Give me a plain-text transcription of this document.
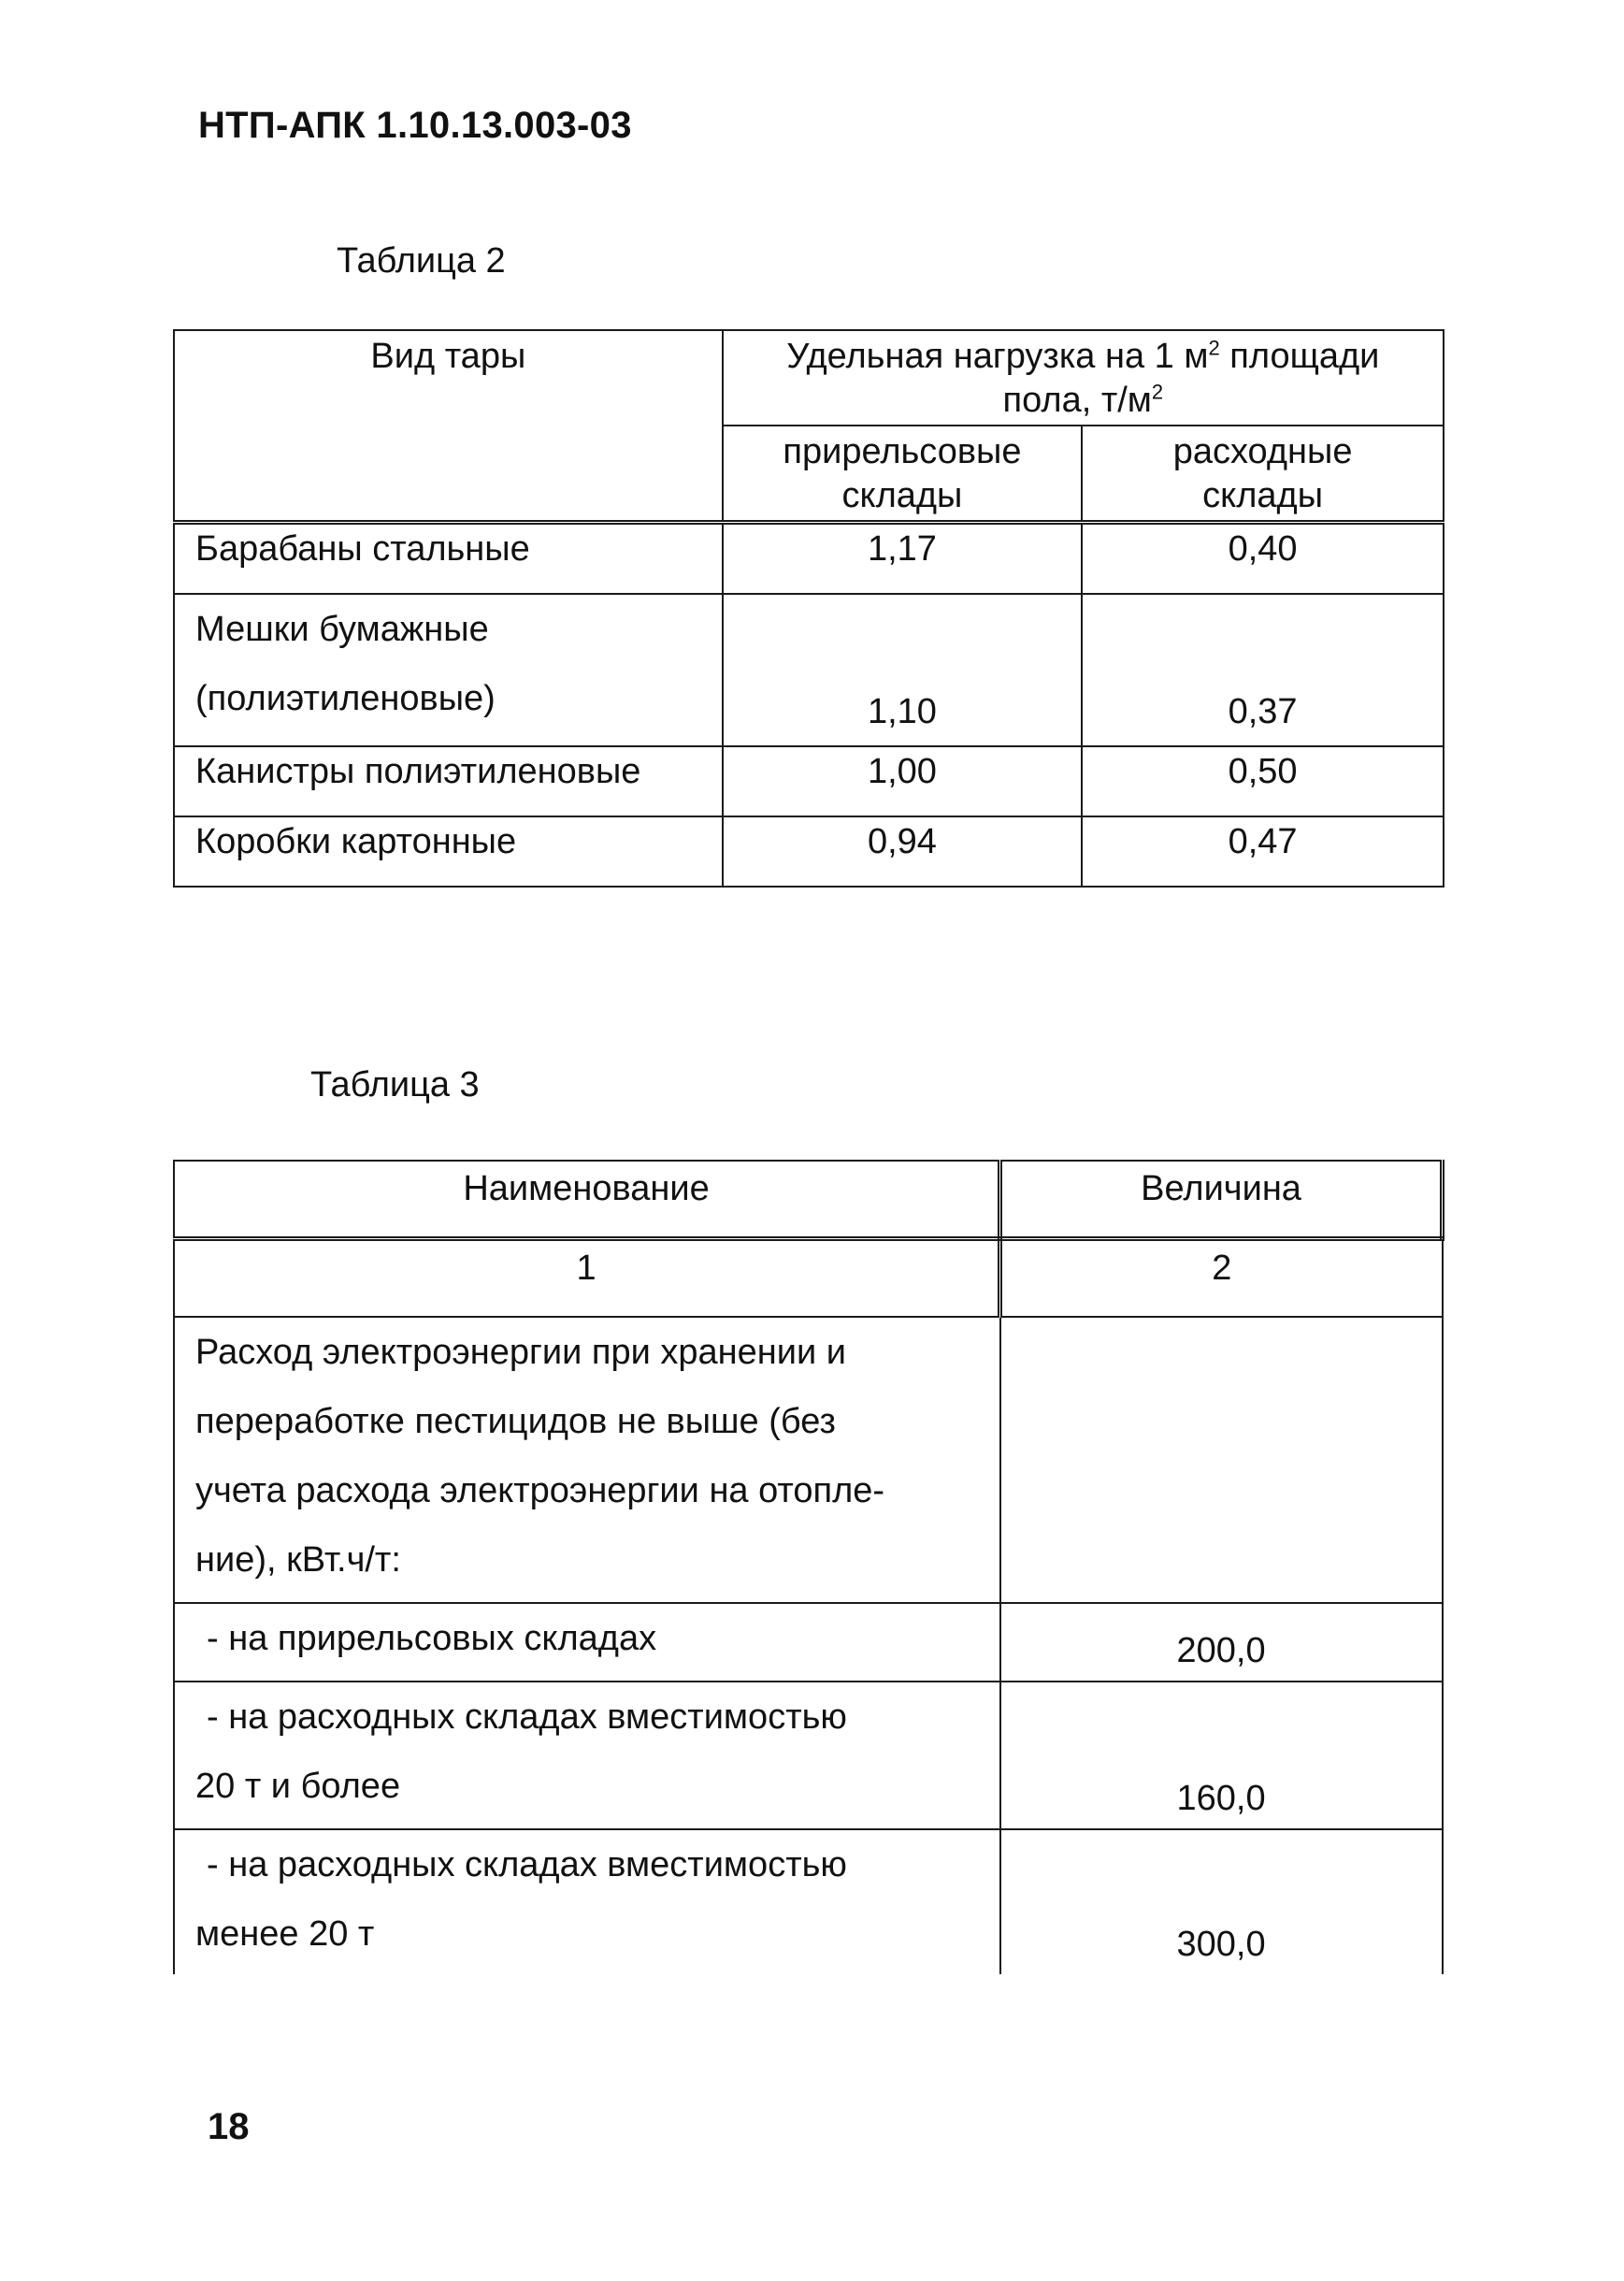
НТП-АПК 1.10.13.003-03
Таблица 2
Вид тары	Удельная нагрузка на 1 $м^2$ площади
пола, $т/м^2$
	прирельсовые склады	расходные склады
Барабаны стальные	1,17	0,40
Мешки бумажные
(полиэтиленовые)	1,10	0,37
Канистры полиэтиленовые	1,00	0,50
Коробки картонные	0,94	0,47
Таблица 3
Наименование	Величина
1	2
Расход электроэнергии при хранении и
переработке пестицидов не выше (без
учета расхода электроэнергии на отопле-
ние), кВт.ч/т:	
- на прирельсовых складах	200,0
- на расходных складах вместимостью
20 т и более	160,0
- на расходных складах вместимостью
менее 20 т	300,0
18
